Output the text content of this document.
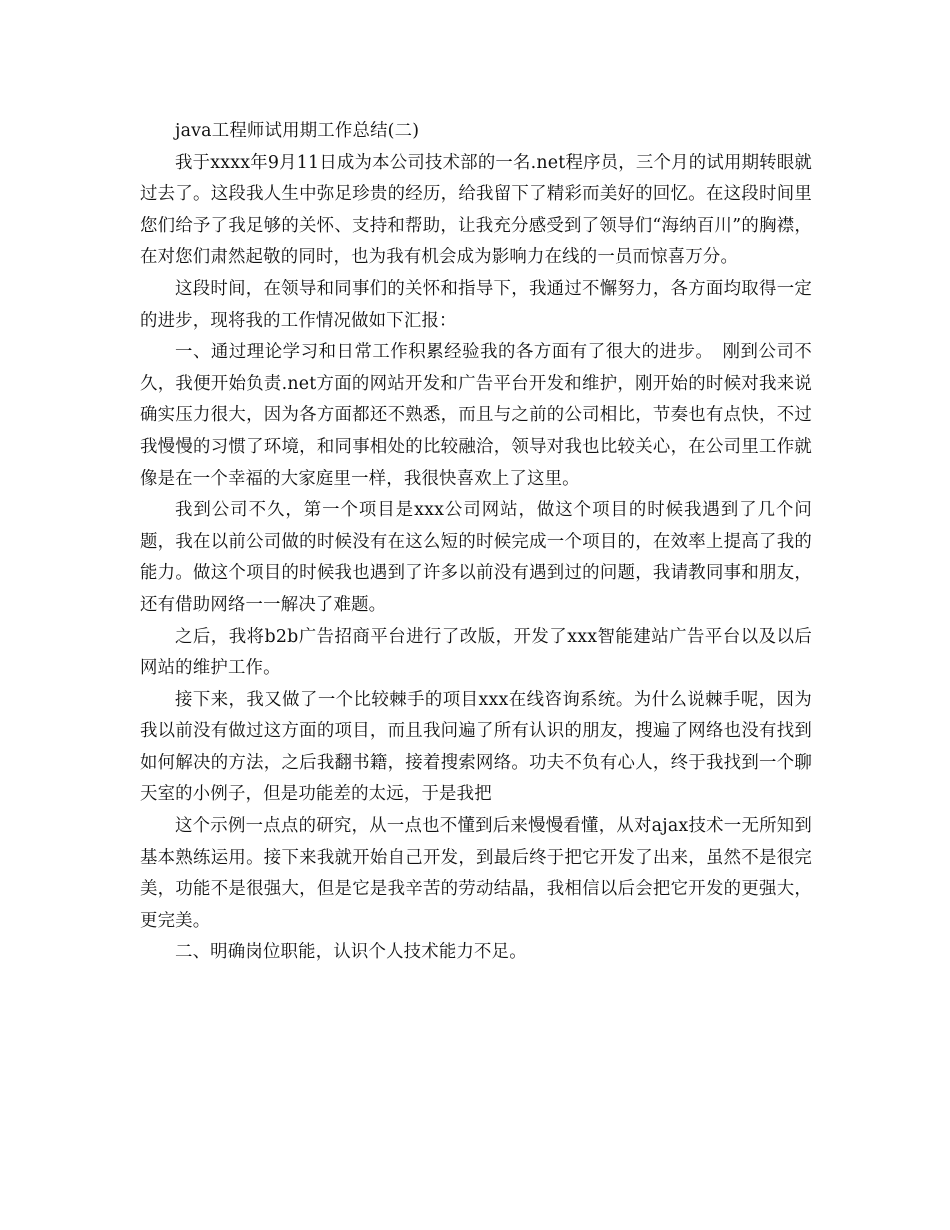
java工程师试用期工作总结(二)

我于xxxx年9月11日成为本公司技术部的一名.net程序员，三个月的试用期转眼就过去了。这段我人生中弥足珍贵的经历，给我留下了精彩而美好的回忆。在这段时间里您们给予了我足够的关怀、支持和帮助，让我充分感受到了领导们“海纳百川”的胸襟，在对您们肃然起敬的同时，也为我有机会成为影响力在线的一员而惊喜万分。

这段时间，在领导和同事们的关怀和指导下，我通过不懈努力，各方面均取得一定的进步，现将我的工作情况做如下汇报：

一、通过理论学习和日常工作积累经验我的各方面有了很大的进步。　刚到公司不久，我便开始负责.net方面的网站开发和广告平台开发和维护，刚开始的时候对我来说确实压力很大，因为各方面都还不熟悉，而且与之前的公司相比，节奏也有点快，不过我慢慢的习惯了环境，和同事相处的比较融洽，领导对我也比较关心，在公司里工作就像是在一个幸福的大家庭里一样，我很快喜欢上了这里。

我到公司不久，第一个项目是xxx公司网站，做这个项目的时候我遇到了几个问题，我在以前公司做的时候没有在这么短的时候完成一个项目的，在效率上提高了我的能力。做这个项目的时候我也遇到了许多以前没有遇到过的问题，我请教同事和朋友，还有借助网络一一解决了难题。

之后，我将b2b广告招商平台进行了改版，开发了xxx智能建站广告平台以及以后网站的维护工作。

接下来，我又做了一个比较棘手的项目xxx在线咨询系统。为什么说棘手呢，因为我以前没有做过这方面的项目，而且我问遍了所有认识的朋友，搜遍了网络也没有找到如何解决的方法，之后我翻书籍，接着搜索网络。功夫不负有心人，终于我找到一个聊天室的小例子，但是功能差的太远，于是我把

这个示例一点点的研究，从一点也不懂到后来慢慢看懂，从对ajax技术一无所知到基本熟练运用。接下来我就开始自己开发，到最后终于把它开发了出来，虽然不是很完美，功能不是很强大，但是它是我辛苦的劳动结晶，我相信以后会把它开发的更强大，更完美。

二、明确岗位职能，认识个人技术能力不足。
